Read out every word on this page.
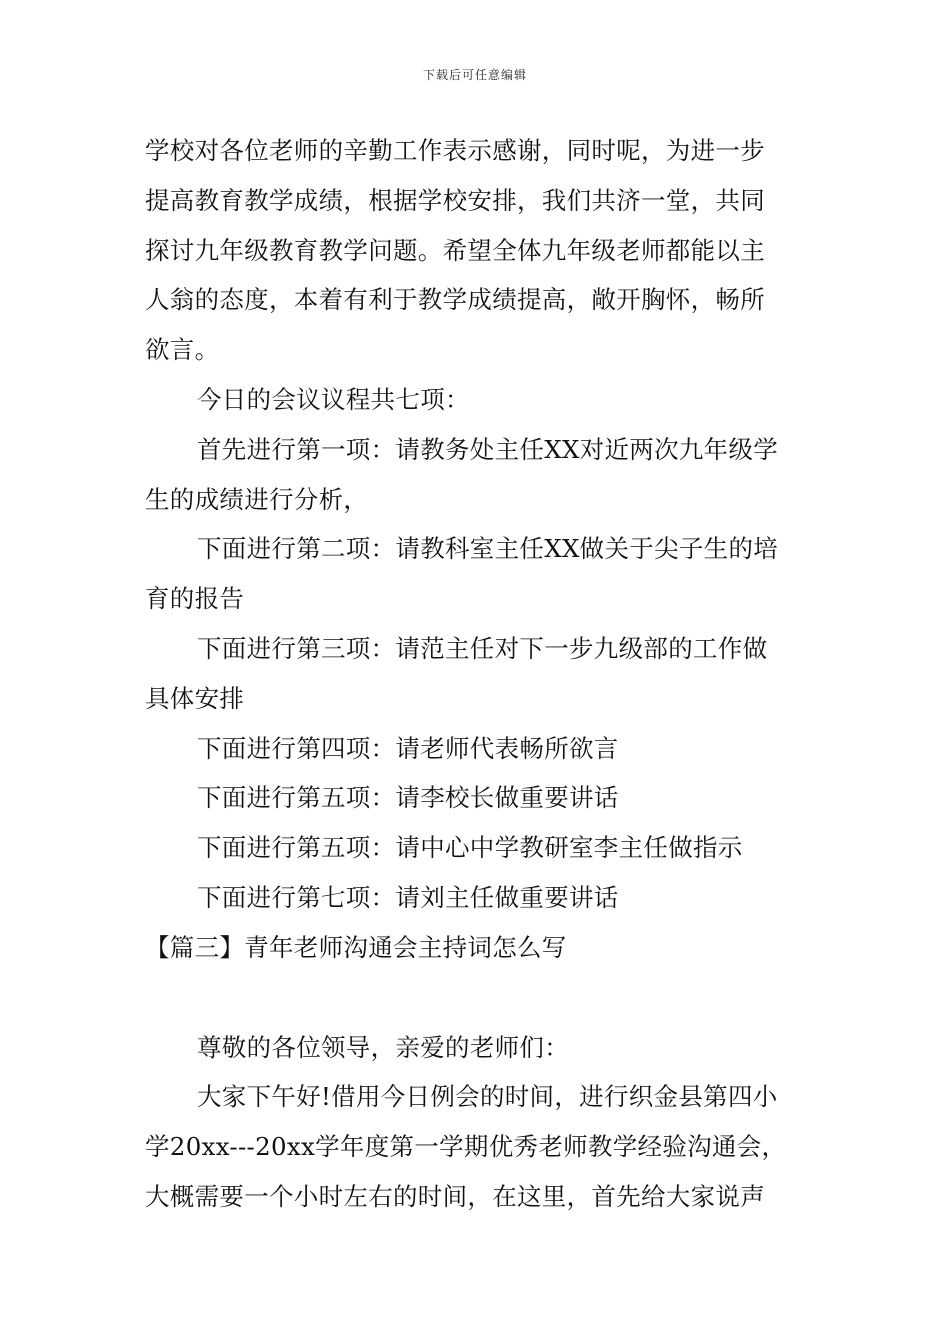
下载后可任意编辑

学校对各位老师的辛勤工作表示感谢，同时呢，为进一步

提高教育教学成绩，根据学校安排，我们共济一堂，共同

探讨九年级教育教学问题。希望全体九年级老师都能以主

人翁的态度，本着有利于教学成绩提高，敞开胸怀，畅所

欲言。

今日的会议议程共七项：

首先进行第一项：请教务处主任XX对近两次九年级学

生的成绩进行分析，

下面进行第二项：请教科室主任XX做关于尖子生的培

育的报告

下面进行第三项：请范主任对下一步九级部的工作做

具体安排

下面进行第四项：请老师代表畅所欲言

下面进行第五项：请李校长做重要讲话

下面进行第五项：请中心中学教研室李主任做指示

下面进行第七项：请刘主任做重要讲话

【篇三】青年老师沟通会主持词怎么写

尊敬的各位领导，亲爱的老师们：

大家下午好!借用今日例会的时间，进行织金县第四小

学20xx---20xx学年度第一学期优秀老师教学经验沟通会，

大概需要一个小时左右的时间，在这里，首先给大家说声
